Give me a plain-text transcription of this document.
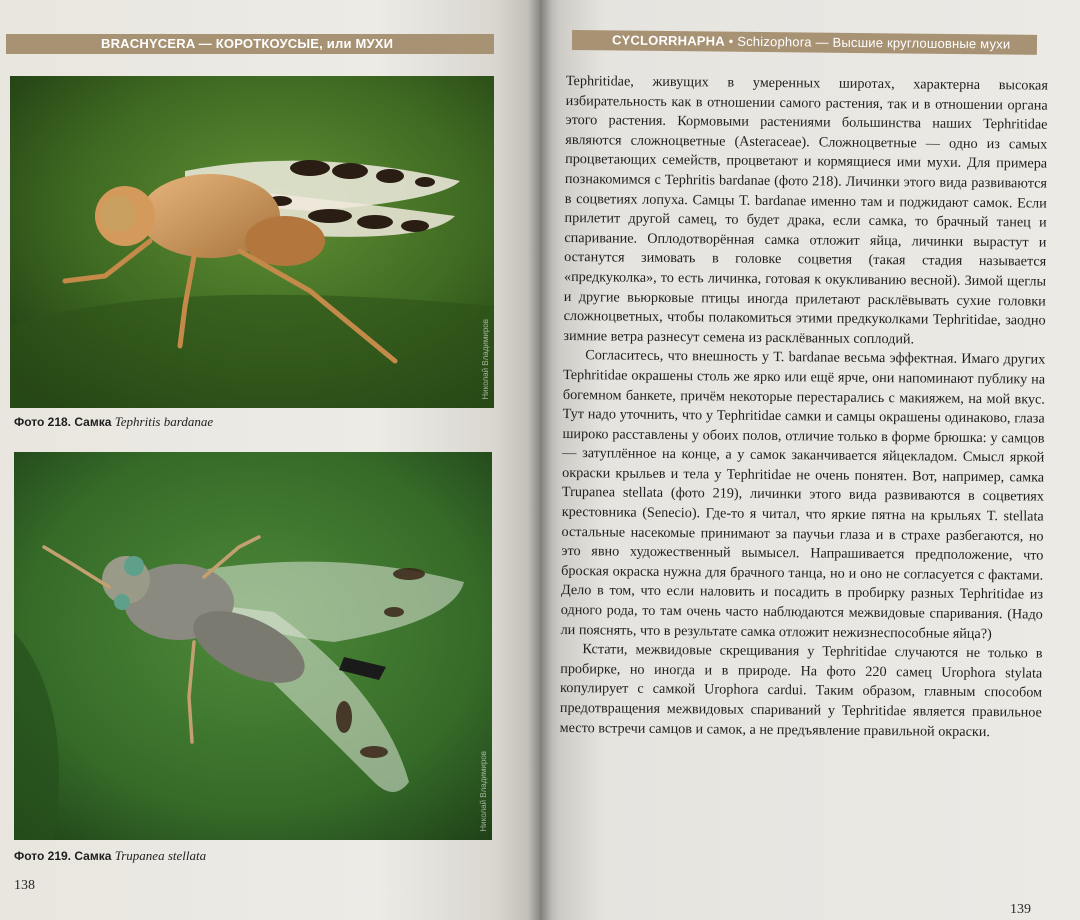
BRACHYCERA — КОРОТКОУСЫЕ, или МУХИ
Николай Владимиров
Фото 218. Самка Tephritis bardanae
Николай Владимиров
Фото 219. Самка Trupanea stellata
138
CYCLORRHAPHA • Schizophora — Высшие круглошовные мухи

Tephritidae, живущих в умеренных широтах, характерна высокая избирательность как в отношении самого растения, так и в отношении органа этого растения. Кормовыми растениями большинства наших Tephritidae являются сложноцветные (Asteraceae). Сложноцветные — одно из самых процветающих семейств, процветают и кормящиеся ими мухи. Для примера познакомимся с Tephritis bardanae (фото 218). Личинки этого вида развиваются в соцветиях лопуха. Самцы T. bardanae именно там и поджидают самок. Если прилетит другой самец, то будет драка, если самка, то брачный танец и спаривание. Оплодотворённая самка отложит яйца, личинки вырастут и останутся зимовать в головке соцветия (такая стадия называется «предкуколка», то есть личинка, готовая к окукливанию весной). Зимой щеглы и другие вьюрковые птицы иногда прилетают расклёвывать сухие головки сложноцветных, чтобы полакомиться этими предкуколками Tephritidae, заодно зимние ветра разнесут семена из расклёванных соплодий.

Согласитесь, что внешность у T. bardanae весьма эффектная. Имаго других Tephritidae окрашены столь же ярко или ещё ярче, они напоминают публику на богемном банкете, причём некоторые перестарались с макияжем, на мой вкус. Тут надо уточнить, что у Tephritidae самки и самцы окрашены одинаково, глаза широко расставлены у обоих полов, отличие только в форме брюшка: у самцов — затуплённое на конце, а у самок заканчивается яйцекладом. Смысл яркой окраски крыльев и тела у Tephritidae не очень понятен. Вот, например, самка Trupanea stellata (фото 219), личинки этого вида развиваются в соцветиях крестовника (Senecio). Где-то я читал, что яркие пятна на крыльях T. stellata остальные насекомые принимают за паучьи глаза и в страхе разбегаются, но это явно художественный вымысел. Напрашивается предположение, что броская окраска нужна для брачного танца, но и оно не согласуется с фактами. Дело в том, что если наловить и посадить в пробирку разных Tephritidae из одного рода, то там очень часто наблюдаются межвидовые спаривания. (Надо ли пояснять, что в результате самка отложит нежизнеспособные яйца?)

Кстати, межвидовые скрещивания у Tephritidae случаются не только в пробирке, но иногда и в природе. На фото 220 самец Urophora stylata копулирует с самкой Urophora cardui. Таким образом, главным способом предотвращения межвидовых спариваний у Tephritidae является правильное место встречи самцов и самок, а не предъявление правильной окраски.

139
